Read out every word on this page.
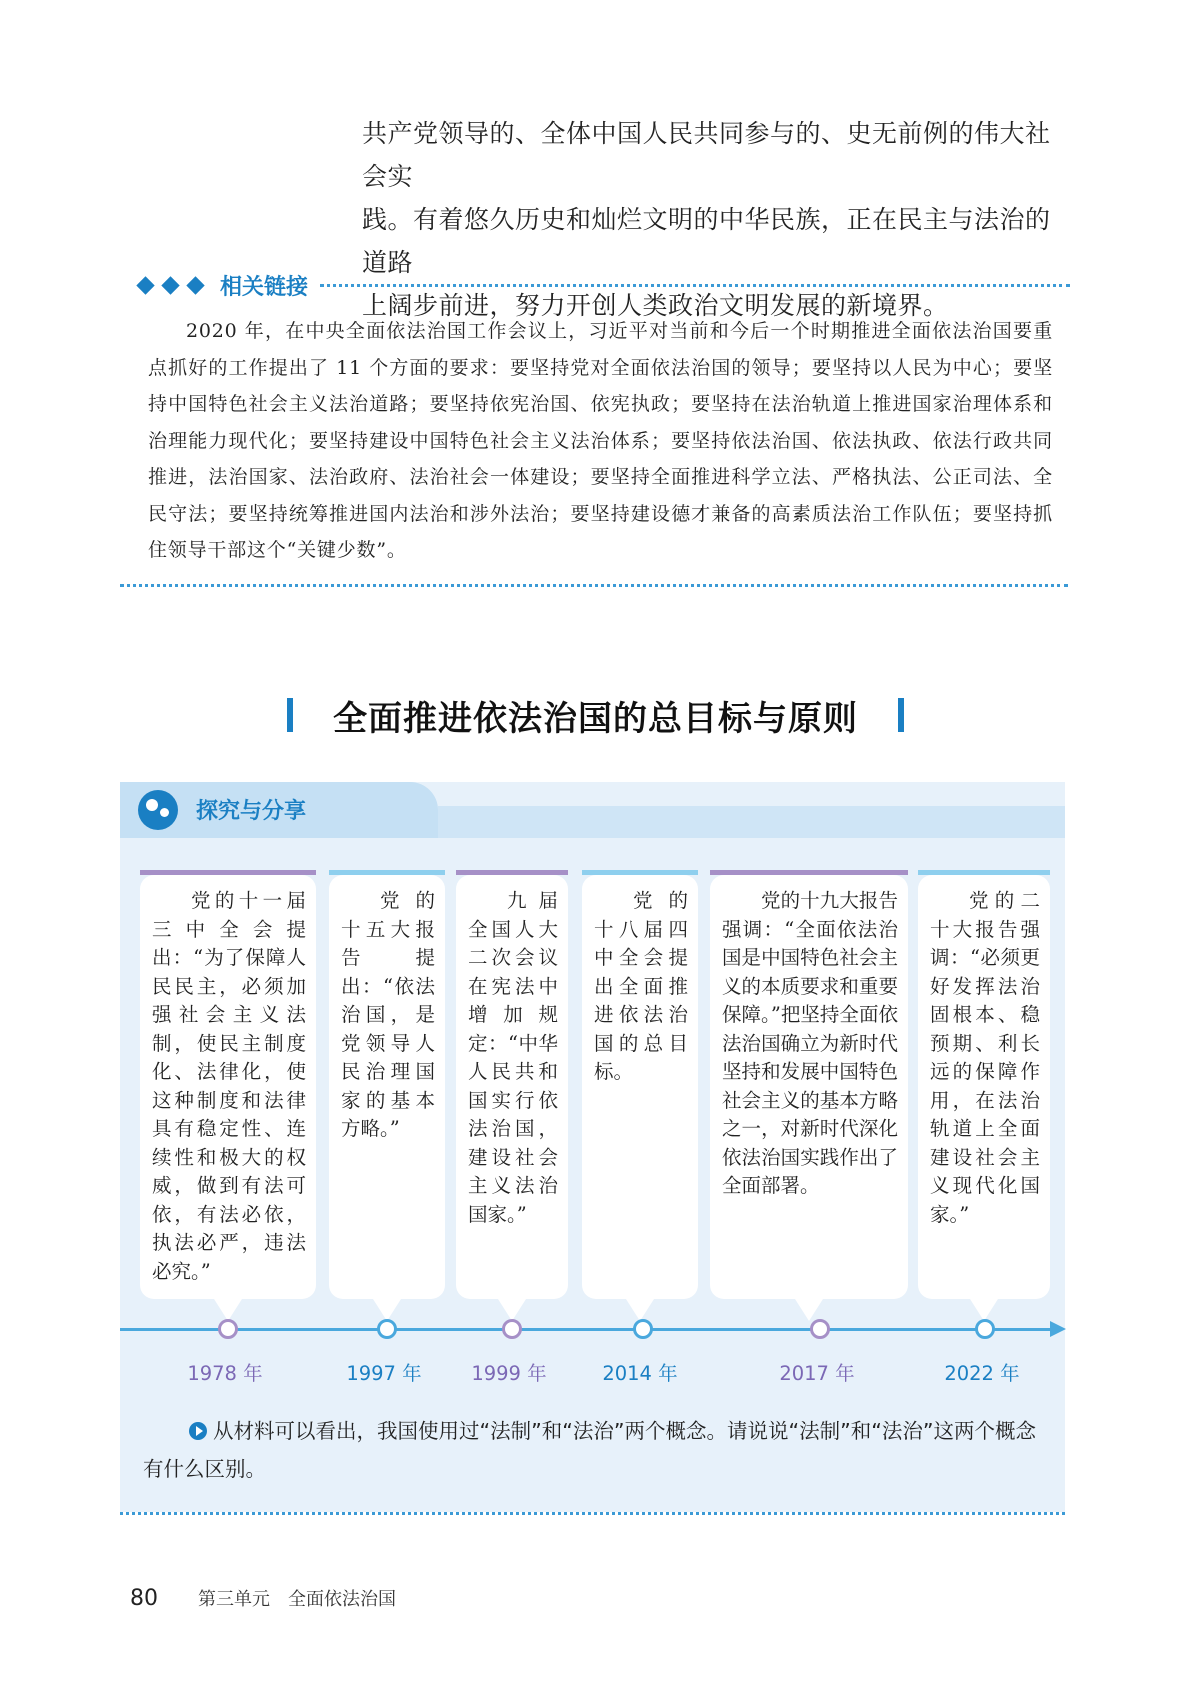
共产党领导的、全体中国人民共同参与的、史无前例的伟大社会实

践。有着悠久历史和灿烂文明的中华民族，正在民主与法治的道路

上阔步前进，努力开创人类政治文明发展的新境界。

相关链接

2020 年，在中央全面依法治国工作会议上，习近平对当前和今后一个时期推进全面依法治国要重点抓好的工作提出了 11 个方面的要求：要坚持党对全面依法治国的领导；要坚持以人民为中心；要坚持中国特色社会主义法治道路；要坚持依宪治国、依宪执政；要坚持在法治轨道上推进国家治理体系和治理能力现代化；要坚持建设中国特色社会主义法治体系；要坚持依法治国、依法执政、依法行政共同推进，法治国家、法治政府、法治社会一体建设；要坚持全面推进科学立法、严格执法、公正司法、全民守法；要坚持统筹推进国内法治和涉外法治；要坚持建设德才兼备的高素质法治工作队伍；要坚持抓住领导干部这个“关键少数”。

全面推进依法治国的总目标与原则
探究与分享

党的十一届三中全会提出：“为了保障人民民主，必须加强社会主义法制，使民主制度化、法律化，使这种制度和法律具有稳定性、连续性和极大的权威，做到有法可依，有法必依，执法必严，违法必究。”

党的十五大报告提出：“依法治国，是党领导人民治理国家的基本方略。”

九届全国人大二次会议在宪法中增加规定：“中华人民共和国实行依法治国，建设社会主义法治国家。”

党的十八届四中全会提出全面推进依法治国的总目标。

党的十九大报告强调：“全面依法治国是中国特色社会主义的本质要求和重要保障。”把坚持全面依法治国确立为新时代坚持和发展中国特色社会主义的基本方略之一，对新时代深化依法治国实践作出了全面部署。

党的二十大报告强调：“必须更好发挥法治固根本、稳预期、利长远的保障作用，在法治轨道上全面建设社会主义现代化国家。”

1978 年	1997 年	1999 年	2014 年	2017 年	2022 年
从材料可以看出，我国使用过“法制”和“法治”两个概念。请说说“法制”和“法治”这两个概念有什么区别。
80 第三单元　全面依法治国
